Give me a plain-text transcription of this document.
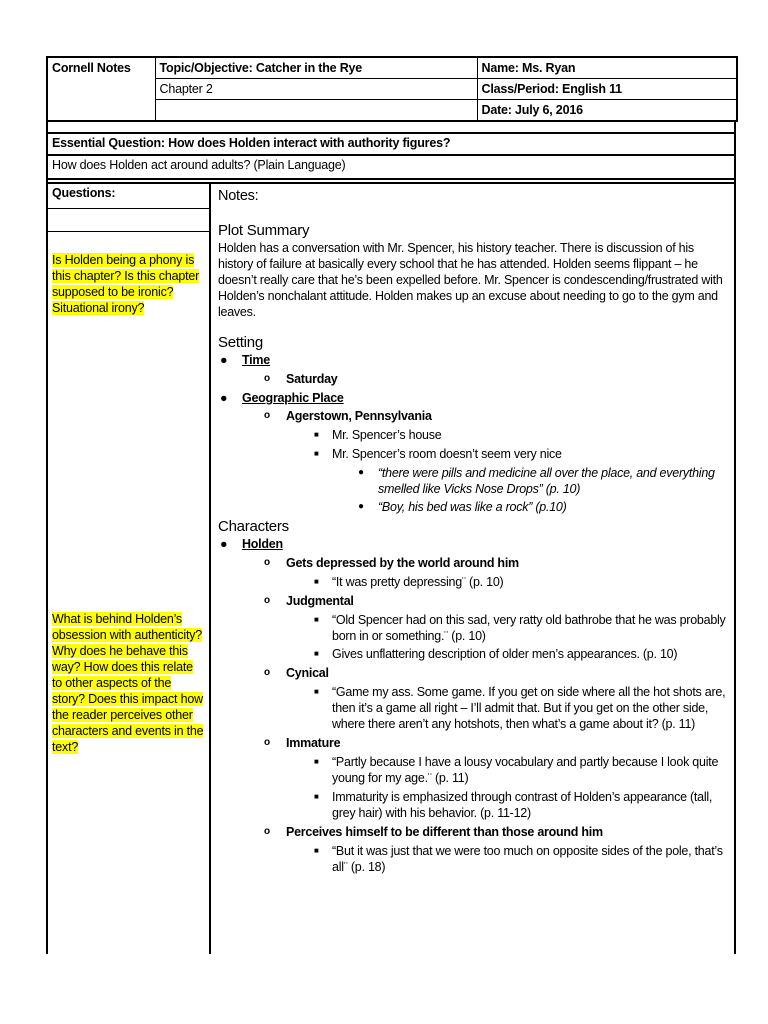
Cornell Notes	Topic/Objective: Catcher in the Rye	Name: Ms. Ryan
	Chapter 2	Class/Period: English 11
		Date: July 6, 2016
Essential Question: How does Holden interact with authority figures?
How does Holden act around adults? (Plain Language)
Questions:
Is Holden being a phony is this chapter? Is this chapter supposed to be ironic? Situational irony?
What is behind Holden’s obsession with authenticity? Why does he behave this way? How does this relate to other aspects of the story? Does this impact how the reader perceives other characters and events in the text?
Notes:
Plot Summary
Holden has a conversation with Mr. Spencer, his history teacher. There is discussion of his history of failure at basically every school that he has attended. Holden seems flippant – he doesn’t really care that he’s been expelled before. Mr. Spencer is condescending/frustrated with Holden’s nonchalant attitude. Holden makes up an excuse about needing to go to the gym and leaves.
Setting
● Time
o Saturday
● Geographic Place
o Agerstown, Pennsylvania
■ Mr. Spencer’s house
■ Mr. Spencer’s room doesn’t seem very nice
● “there were pills and medicine all over the place, and everything smelled like Vicks Nose Drops” (p. 10)
● “Boy, his bed was like a rock” (p.10)
Characters
● Holden
o Gets depressed by the world around him
■ “It was pretty depressing¨ (p. 10)
o Judgmental
■ “Old Spencer had on this sad, very ratty old bathrobe that he was probably born in or something.¨ (p. 10)
■ Gives unflattering description of older men’s appearances. (p. 10)
o Cynical
■ “Game my ass. Some game. If you get on side where all the hot shots are, then it’s a game all right – I’ll admit that. But if you get on the other side, where there aren’t any hotshots, then what’s a game about it? (p. 11)
o Immature
■ “Partly because I have a lousy vocabulary and partly because I look quite young for my age.¨ (p. 11)
■ Immaturity is emphasized through contrast of Holden’s appearance (tall, grey hair) with his behavior. (p. 11-12)
o Perceives himself to be different than those around him
■ “But it was just that we were too much on opposite sides of the pole, that’s all¨ (p. 18)
